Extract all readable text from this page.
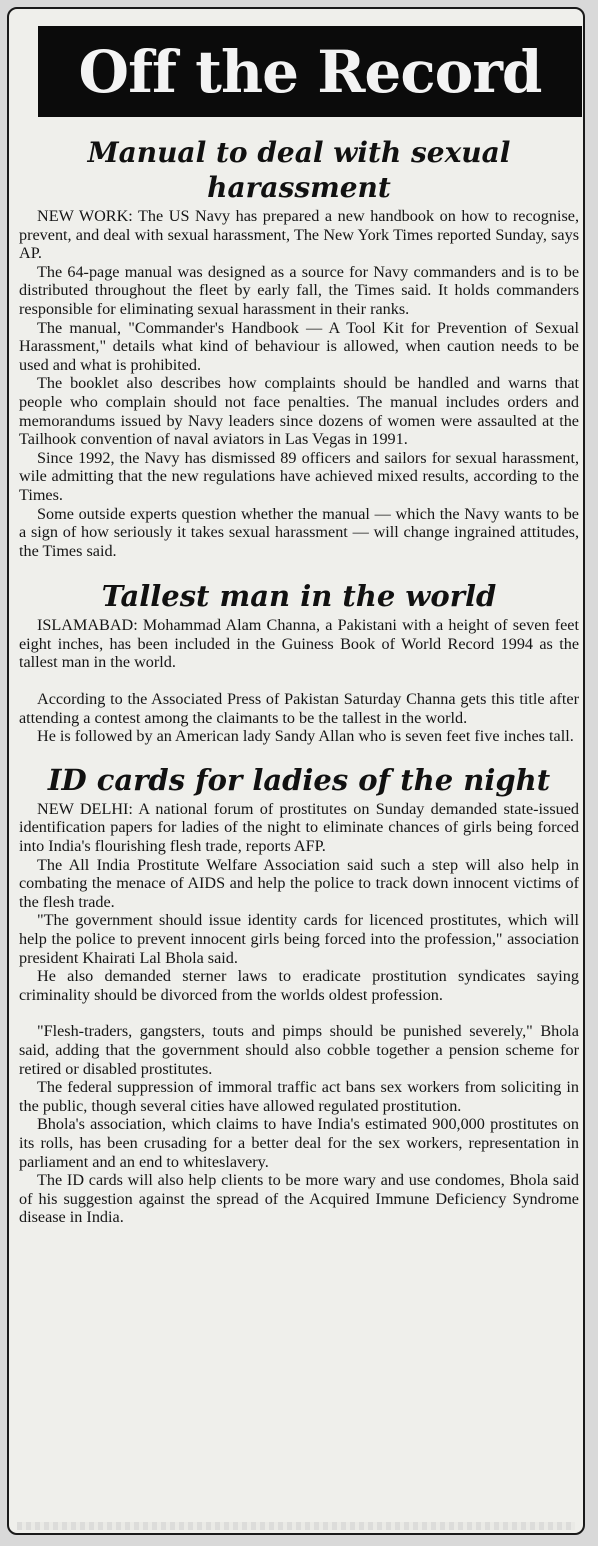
Off the Record
Manual to deal with sexual harassment

NEW WORK: The US Navy has prepared a new handbook on how to recognise, prevent, and deal with sexual harassment, The New York Times reported Sunday, says AP.

The 64-page manual was designed as a source for Navy commanders and is to be distributed throughout the fleet by early fall, the Times said. It holds commanders responsible for eliminating sexual harassment in their ranks.

The manual, "Commander's Handbook — A Tool Kit for Prevention of Sexual Harassment," details what kind of behaviour is allowed, when caution needs to be used and what is prohibited.

The booklet also describes how complaints should be handled and warns that people who complain should not face penalties. The manual includes orders and memorandums issued by Navy leaders since dozens of women were assaulted at the Tailhook convention of naval aviators in Las Vegas in 1991.

Since 1992, the Navy has dismissed 89 officers and sailors for sexual harassment, wile admitting that the new regulations have achieved mixed results, according to the Times.

Some outside experts question whether the manual — which the Navy wants to be a sign of how seriously it takes sexual harassment — will change ingrained attitudes, the Times said.

Tallest man in the world

ISLAMABAD: Mohammad Alam Channa, a Pakistani with a height of seven feet eight inches, has been included in the Guiness Book of World Record 1994 as the tallest man in the world.

According to the Associated Press of Pakistan Saturday Channa gets this title after attending a contest among the claimants to be the tallest in the world.

He is followed by an American lady Sandy Allan who is seven feet five inches tall.

ID cards for ladies of the night

NEW DELHI: A national forum of prostitutes on Sunday demanded state-issued identification papers for ladies of the night to eliminate chances of girls being forced into India's flourishing flesh trade, reports AFP.

The All India Prostitute Welfare Association said such a step will also help in combating the menace of AIDS and help the police to track down innocent victims of the flesh trade.

"The government should issue identity cards for licenced prostitutes, which will help the police to prevent innocent girls being forced into the profession," association president Khairati Lal Bhola said.

He also demanded sterner laws to eradicate prostitution syndicates saying criminality should be divorced from the worlds oldest profession.

"Flesh-traders, gangsters, touts and pimps should be punished severely," Bhola said, adding that the government should also cobble together a pension scheme for retired or disabled prostitutes.

The federal suppression of immoral traffic act bans sex workers from soliciting in the public, though several cities have allowed regulated prostitution.

Bhola's association, which claims to have India's estimated 900,000 prostitutes on its rolls, has been crusading for a better deal for the sex workers, representation in parliament and an end to whiteslavery.

The ID cards will also help clients to be more wary and use condomes, Bhola said of his suggestion against the spread of the Acquired Immune Deficiency Syndrome disease in India.
